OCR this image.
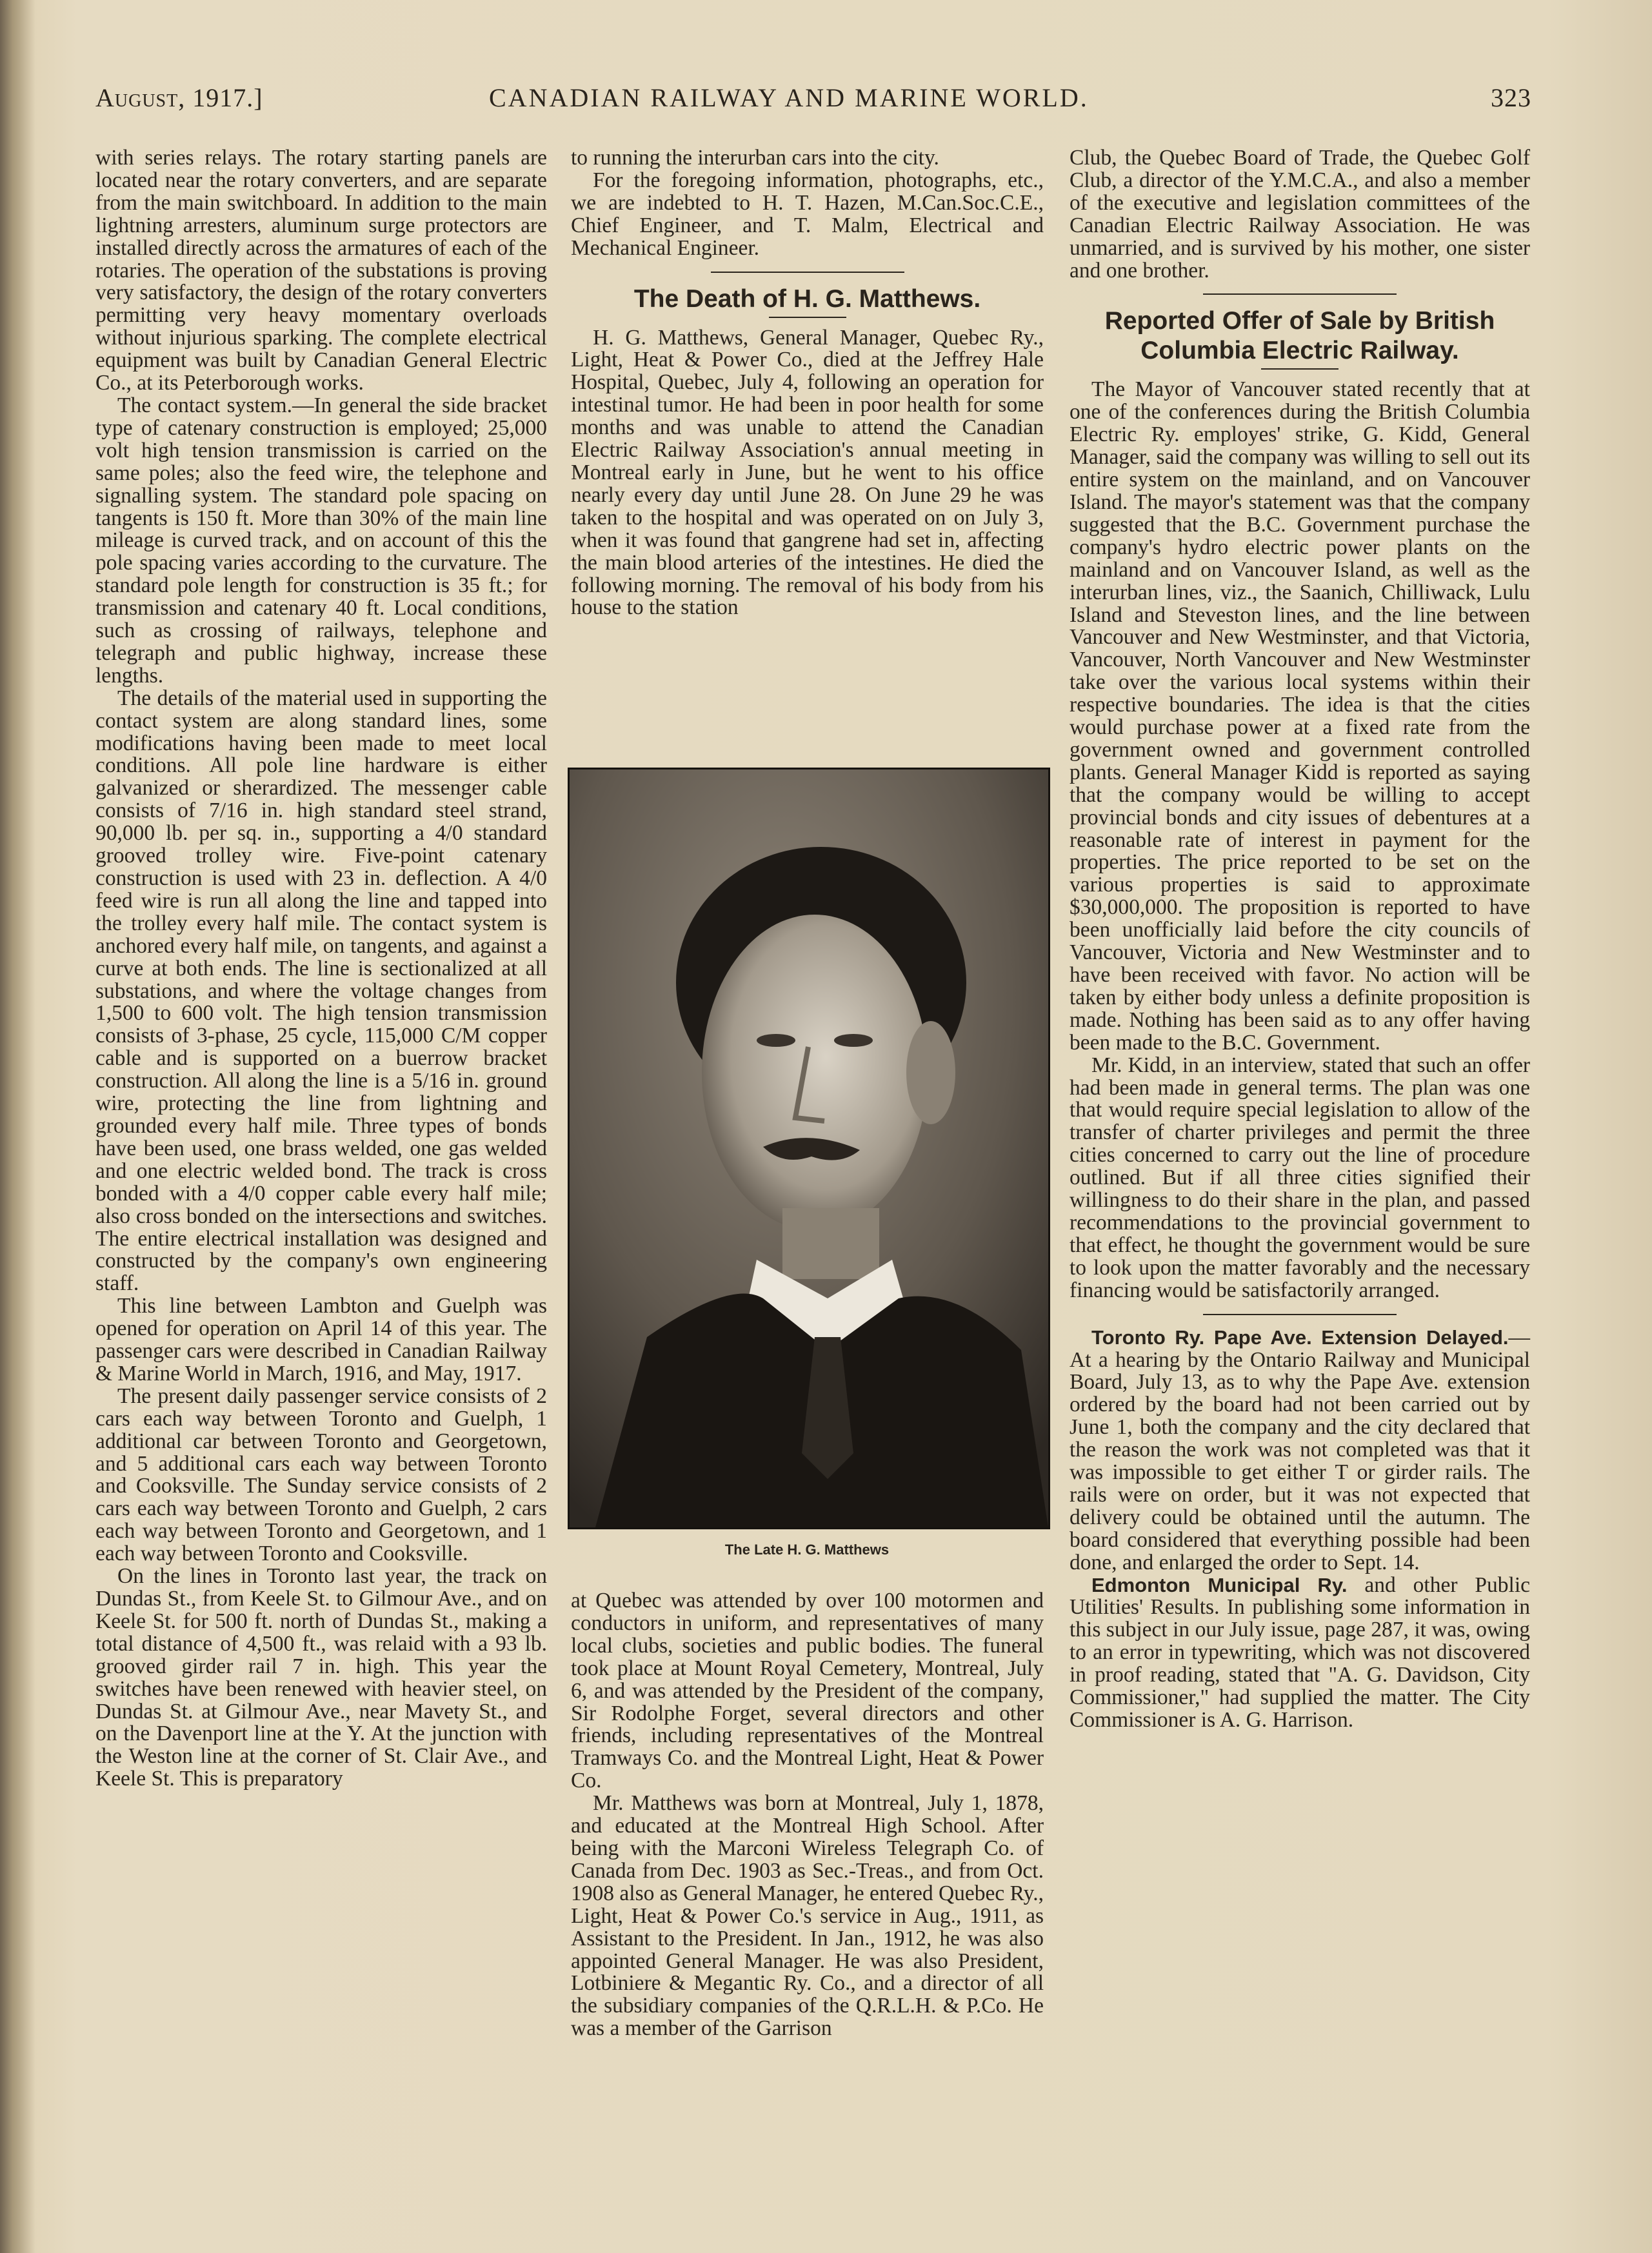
August, 1917.]	CANADIAN RAILWAY AND MARINE WORLD.	323

with series relays. The rotary starting panels are located near the rotary converters, and are separate from the main switchboard. In addition to the main lightning arresters, aluminum surge protectors are installed directly across the armatures of each of the rotaries. The operation of the substations is proving very satisfactory, the design of the rotary converters permitting very heavy momentary overloads without injurious sparking. The complete electrical equipment was built by Canadian General Electric Co., at its Peterborough works.

The contact system.—In general the side bracket type of catenary construction is employed; 25,000 volt high tension transmission is carried on the same poles; also the feed wire, the telephone and signalling system. The standard pole spacing on tangents is 150 ft. More than 30% of the main line mileage is curved track, and on account of this the pole spacing varies according to the curvature. The standard pole length for construction is 35 ft.; for transmission and catenary 40 ft. Local conditions, such as crossing of railways, telephone and telegraph and public highway, increase these lengths.

The details of the material used in supporting the contact system are along standard lines, some modifications having been made to meet local conditions. All pole line hardware is either galvanized or sherardized. The messenger cable consists of 7/16 in. high standard steel strand, 90,000 lb. per sq. in., supporting a 4/0 standard grooved trolley wire. Five-point catenary construction is used with 23 in. deflection. A 4/0 feed wire is run all along the line and tapped into the trolley every half mile. The contact system is anchored every half mile, on tangents, and against a curve at both ends. The line is sectionalized at all substations, and where the voltage changes from 1,500 to 600 volt. The high tension transmission consists of 3-phase, 25 cycle, 115,000 C/M copper cable and is supported on a buerrow bracket construction. All along the line is a 5/16 in. ground wire, protecting the line from lightning and grounded every half mile. Three types of bonds have been used, one brass welded, one gas welded and one electric welded bond. The track is cross bonded with a 4/0 copper cable every half mile; also cross bonded on the intersections and switches. The entire electrical installation was designed and constructed by the company's own engineering staff.

This line between Lambton and Guelph was opened for operation on April 14 of this year. The passenger cars were described in Canadian Railway & Marine World in March, 1916, and May, 1917.

The present daily passenger service consists of 2 cars each way between Toronto and Guelph, 1 additional car between Toronto and Georgetown, and 5 additional cars each way between Toronto and Cooksville. The Sunday service consists of 2 cars each way between Toronto and Guelph, 2 cars each way between Toronto and Georgetown, and 1 each way between Toronto and Cooksville.

On the lines in Toronto last year, the track on Dundas St., from Keele St. to Gilmour Ave., and on Keele St. for 500 ft. north of Dundas St., making a total distance of 4,500 ft., was relaid with a 93 lb. grooved girder rail 7 in. high. This year the switches have been renewed with heavier steel, on Dundas St. at Gilmour Ave., near Mavety St., and on the Davenport line at the Y. At the junction with the Weston line at the corner of St. Clair Ave., and Keele St. This is preparatory

to running the interurban cars into the city.

For the foregoing information, photographs, etc., we are indebted to H. T. Hazen, M.Can.Soc.C.E., Chief Engineer, and T. Malm, Electrical and Mechanical Engineer.

The Death of H. G. Matthews.

H. G. Matthews, General Manager, Quebec Ry., Light, Heat & Power Co., died at the Jeffrey Hale Hospital, Quebec, July 4, following an operation for intestinal tumor. He had been in poor health for some months and was unable to attend the Canadian Electric Railway Association's annual meeting in Montreal early in June, but he went to his office nearly every day until June 28. On June 29 he was taken to the hospital and was operated on on July 3, when it was found that gangrene had set in, affecting the main blood arteries of the intestines. He died the following morning. The removal of his body from his house to the station

The Late H. G. Matthews

at Quebec was attended by over 100 motormen and conductors in uniform, and representatives of many local clubs, societies and public bodies. The funeral took place at Mount Royal Cemetery, Montreal, July 6, and was attended by the President of the company, Sir Rodolphe Forget, several directors and other friends, including representatives of the Montreal Tramways Co. and the Montreal Light, Heat & Power Co.

Mr. Matthews was born at Montreal, July 1, 1878, and educated at the Montreal High School. After being with the Marconi Wireless Telegraph Co. of Canada from Dec. 1903 as Sec.-Treas., and from Oct. 1908 also as General Manager, he entered Quebec Ry., Light, Heat & Power Co.'s service in Aug., 1911, as Assistant to the President. In Jan., 1912, he was also appointed General Manager. He was also President, Lotbiniere & Megantic Ry. Co., and a director of all the subsidiary companies of the Q.R.L.H. & P.Co. He was a member of the Garrison

Club, the Quebec Board of Trade, the Quebec Golf Club, a director of the Y.M.C.A., and also a member of the executive and legislation committees of the Canadian Electric Railway Association. He was unmarried, and is survived by his mother, one sister and one brother.

Reported Offer of Sale by British Columbia Electric Railway.

The Mayor of Vancouver stated recently that at one of the conferences during the British Columbia Electric Ry. employes' strike, G. Kidd, General Manager, said the company was willing to sell out its entire system on the mainland, and on Vancouver Island. The mayor's statement was that the company suggested that the B.C. Government purchase the company's hydro electric power plants on the mainland and on Vancouver Island, as well as the interurban lines, viz., the Saanich, Chilliwack, Lulu Island and Steveston lines, and the line between Vancouver and New Westminster, and that Victoria, Vancouver, North Vancouver and New Westminster take over the various local systems within their respective boundaries. The idea is that the cities would purchase power at a fixed rate from the government owned and government controlled plants. General Manager Kidd is reported as saying that the company would be willing to accept provincial bonds and city issues of debentures at a reasonable rate of interest in payment for the properties. The price reported to be set on the various properties is said to approximate $30,000,000. The proposition is reported to have been unofficially laid before the city councils of Vancouver, Victoria and New Westminster and to have been received with favor. No action will be taken by either body unless a definite proposition is made. Nothing has been said as to any offer having been made to the B.C. Government.

Mr. Kidd, in an interview, stated that such an offer had been made in general terms. The plan was one that would require special legislation to allow of the transfer of charter privileges and permit the three cities concerned to carry out the line of procedure outlined. But if all three cities signified their willingness to do their share in the plan, and passed recommendations to the provincial government to that effect, he thought the government would be sure to look upon the matter favorably and the necessary financing would be satisfactorily arranged.

Toronto Ry. Pape Ave. Extension Delayed.—At a hearing by the Ontario Railway and Municipal Board, July 13, as to why the Pape Ave. extension ordered by the board had not been carried out by June 1, both the company and the city declared that the reason the work was not completed was that it was impossible to get either T or girder rails. The rails were on order, but it was not expected that delivery could be obtained until the autumn. The board considered that everything possible had been done, and enlarged the order to Sept. 14.

Edmonton Municipal Ry. and other Public Utilities' Results. In publishing some information in this subject in our July issue, page 287, it was, owing to an error in typewriting, which was not discovered in proof reading, stated that "A. G. Davidson, City Commissioner," had supplied the matter. The City Commissioner is A. G. Harrison.
